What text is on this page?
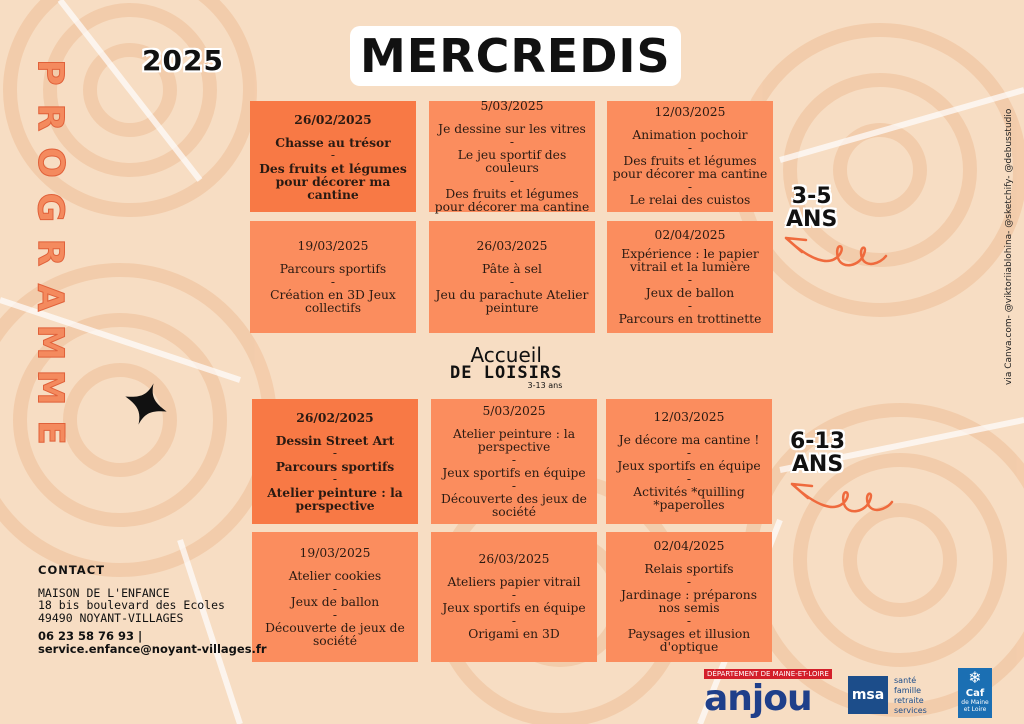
P
R
O
G
R
A
M
M
E
2025	MERCREDIS
26/02/2025
Chasse au trésor
-
Des fruits et légumes pour décorer ma cantine
5/03/2025
Je dessine sur les vitres
-
Le jeu sportif des couleurs
-
Des fruits et légumes pour décorer ma cantine
12/03/2025
Animation pochoir
-
Des fruits et légumes pour décorer ma cantine
-
Le relai des cuistos
19/03/2025
Parcours sportifs
-
Création en 3D Jeux collectifs
26/03/2025
Pâte à sel
-
Jeu du parachute Atelier peinture
02/04/2025
Expérience : le papier vitrail et la lumière
-
Jeux de ballon
-
Parcours en trottinette
3-5
ANS
Accueil
DE LOISIRS
3-13 ans
26/02/2025
Dessin Street Art
-
Parcours sportifs
-
Atelier peinture : la perspective
5/03/2025
Atelier peinture : la perspective
-
Jeux sportifs en équipe
-
Découverte des jeux de société
12/03/2025
Je décore ma cantine !
-
Jeux sportifs en équipe
-
Activités *quilling *paperolles
19/03/2025
Atelier cookies
-
Jeux de ballon
-
Découverte de jeux de société
26/03/2025
Ateliers papier vitrail
-
Jeux sportifs en équipe
-
Origami en 3D
02/04/2025
Relais sportifs
-
Jardinage : préparons nos semis
-
Paysages et illusion d'optique
6-13
ANS
CONTACT
MAISON DE L'ENFANCE
18 bis boulevard des Ecoles
49490 NOYANT-VILLAGES
06 23 58 76 93 |
service.enfance@noyant-villages.fr
via Canva.com- @viktoriiablohina- @sketchify- @debusstudio
DÉPARTEMENT DE MAINE-ET-LOIRE
anjou	msa
santé
famille
retraite
services
❄
Caf
de Maine et Loire
